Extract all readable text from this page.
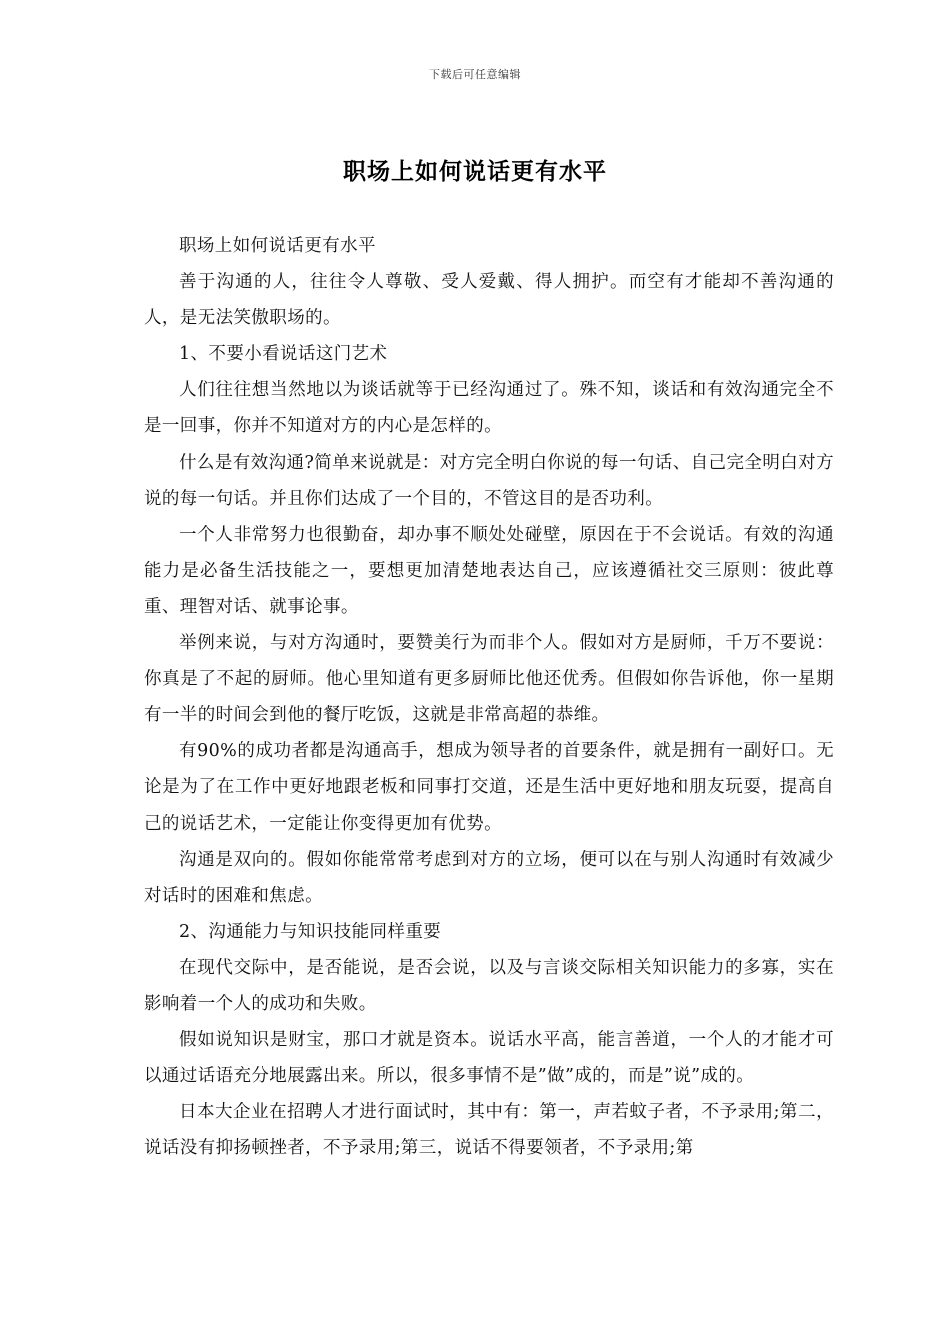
下载后可任意编辑
职场上如何说话更有水平

职场上如何说话更有水平

善于沟通的人，往往令人尊敬、受人爱戴、得人拥护。而空有才能却不善沟通的人，是无法笑傲职场的。

1、不要小看说话这门艺术

人们往往想当然地以为谈话就等于已经沟通过了。殊不知，谈话和有效沟通完全不是一回事，你并不知道对方的内心是怎样的。

什么是有效沟通?简单来说就是：对方完全明白你说的每一句话、自己完全明白对方说的每一句话。并且你们达成了一个目的，不管这目的是否功利。

一个人非常努力也很勤奋，却办事不顺处处碰壁，原因在于不会说话。有效的沟通能力是必备生活技能之一，要想更加清楚地表达自己，应该遵循社交三原则：彼此尊重、理智对话、就事论事。

举例来说，与对方沟通时，要赞美行为而非个人。假如对方是厨师，千万不要说：你真是了不起的厨师。他心里知道有更多厨师比他还优秀。但假如你告诉他，你一星期有一半的时间会到他的餐厅吃饭，这就是非常高超的恭维。

有90%的成功者都是沟通高手，想成为领导者的首要条件，就是拥有一副好口。无论是为了在工作中更好地跟老板和同事打交道，还是生活中更好地和朋友玩耍，提高自己的说话艺术，一定能让你变得更加有优势。

沟通是双向的。假如你能常常考虑到对方的立场，便可以在与别人沟通时有效减少对话时的困难和焦虑。

2、沟通能力与知识技能同样重要

在现代交际中，是否能说，是否会说，以及与言谈交际相关知识能力的多寡，实在影响着一个人的成功和失败。

假如说知识是财宝，那口才就是资本。说话水平高，能言善道，一个人的才能才可以通过话语充分地展露出来。所以，很多事情不是”做”成的，而是”说”成的。

日本大企业在招聘人才进行面试时，其中有：第一，声若蚊子者，不予录用;第二，说话没有抑扬顿挫者，不予录用;第三，说话不得要领者，不予录用;第
